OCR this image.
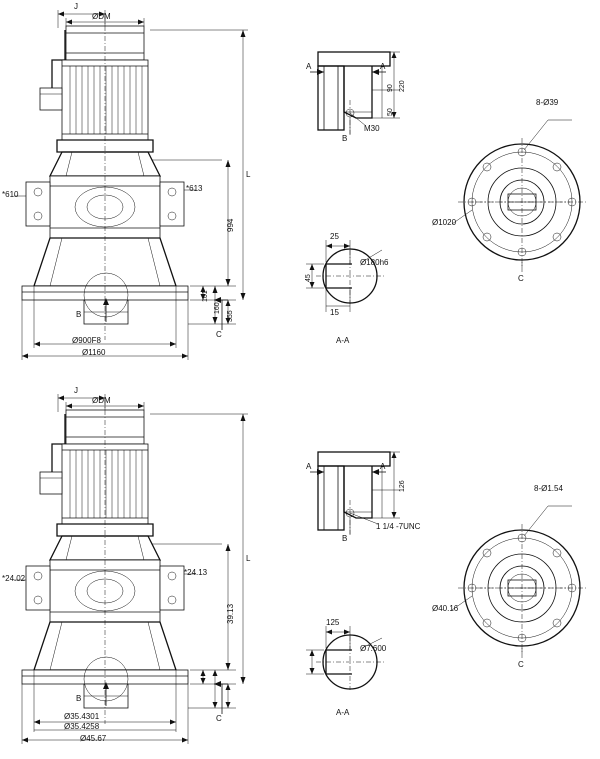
J
ØDM
L
994
160
101
355
*610
*613
Ø900F8
Ø1160
B
C
A	A
B
M30
220
90
50
25
45
15
Ø180h6
A-A
8-Ø39
Ø1020
C
J
ØDM
L
39.13
*24.02
*24.13
Ø35.4301
Ø35.4258
Ø45.67
B
C
A	A
B
1 1/4 -7UNC
126
125
Ø7.600
A-A
8-Ø1.54
Ø40.16
C
